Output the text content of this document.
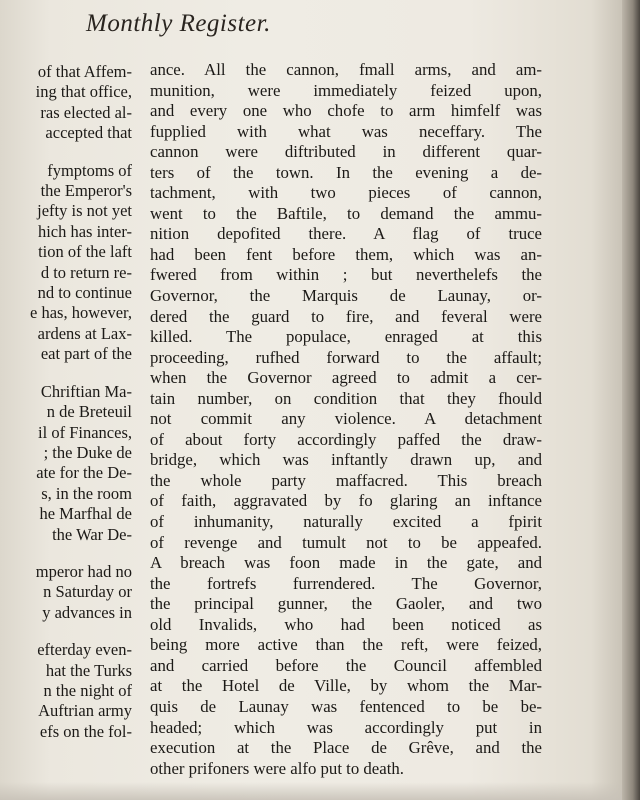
Monthly Register.
of that Affem-
ing that office,
ras elected al-
accepted that
fymptoms of
the Emperor's
jefty is not yet
hich has inter-
tion of the laft
d to return re-
nd to continue
e has, however,
ardens at Lax-
eat part of the
Chriftian Ma-
n de Breteuil
il of Finances,
; the Duke de
ate for the De-
s, in the room
he Marfhal de
the War De-
mperor had no
n Saturday or
y advances in
efterday even-
hat the Turks
n the night of
Auftrian army
efs on the fol-
ance. All the cannon, fmall arms, and am-
munition, were immediately feized upon,
and every one who chofe to arm himfelf was
fupplied with what was neceffary. The
cannon were diftributed in different quar-
ters of the town. In the evening a de-
tachment, with two pieces of cannon,
went to the Baftile, to demand the ammu-
nition depofited there. A flag of truce
had been fent before them, which was an-
fwered from within ; but neverthelefs the
Governor, the Marquis de Launay, or-
dered the guard to fire, and feveral were
killed. The populace, enraged at this
proceeding, rufhed forward to the affault;
when the Governor agreed to admit a cer-
tain number, on condition that they fhould
not commit any violence. A detachment
of about forty accordingly paffed the draw-
bridge, which was inftantly drawn up, and
the whole party maffacred. This breach
of faith, aggravated by fo glaring an inftance
of inhumanity, naturally excited a fpirit
of revenge and tumult not to be appeafed.
A breach was foon made in the gate, and
the fortrefs furrendered. The Governor,
the principal gunner, the Gaoler, and two
old Invalids, who had been noticed as
being more active than the reft, were feized,
and carried before the Council affembled
at the Hotel de Ville, by whom the Mar-
quis de Launay was fentenced to be be-
headed; which was accordingly put in
execution at the Place de Grêve, and the
other prifoners were alfo put to death.
